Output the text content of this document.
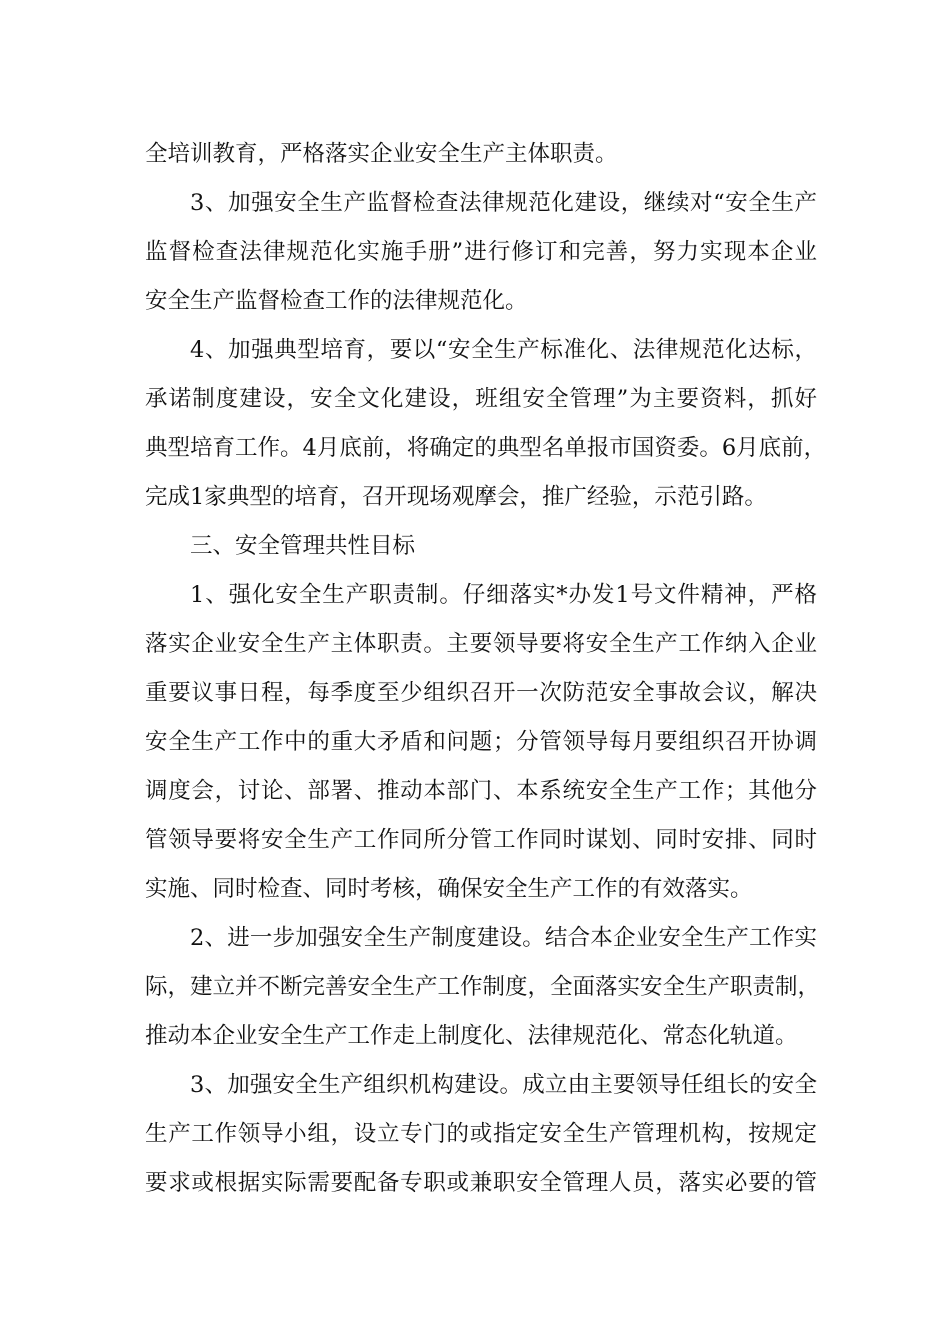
全培训教育，严格落实企业安全生产主体职责。
3、加强安全生产监督检查法律规范化建设，继续对“安全生产
监督检查法律规范化实施手册”进行修订和完善，努力实现本企业
安全生产监督检查工作的法律规范化。
4、加强典型培育，要以“安全生产标准化、法律规范化达标，
承诺制度建设，安全文化建设，班组安全管理”为主要资料，抓好
典型培育工作。4月底前，将确定的典型名单报市国资委。6月底前，
完成1家典型的培育，召开现场观摩会，推广经验，示范引路。
三、安全管理共性目标
1、强化安全生产职责制。仔细落实*办发1号文件精神，严格
落实企业安全生产主体职责。主要领导要将安全生产工作纳入企业
重要议事日程，每季度至少组织召开一次防范安全事故会议，解决
安全生产工作中的重大矛盾和问题；分管领导每月要组织召开协调
调度会，讨论、部署、推动本部门、本系统安全生产工作；其他分
管领导要将安全生产工作同所分管工作同时谋划、同时安排、同时
实施、同时检查、同时考核，确保安全生产工作的有效落实。
2、进一步加强安全生产制度建设。结合本企业安全生产工作实
际，建立并不断完善安全生产工作制度，全面落实安全生产职责制，
推动本企业安全生产工作走上制度化、法律规范化、常态化轨道。
3、加强安全生产组织机构建设。成立由主要领导任组长的安全
生产工作领导小组，设立专门的或指定安全生产管理机构，按规定
要求或根据实际需要配备专职或兼职安全管理人员，落实必要的管
